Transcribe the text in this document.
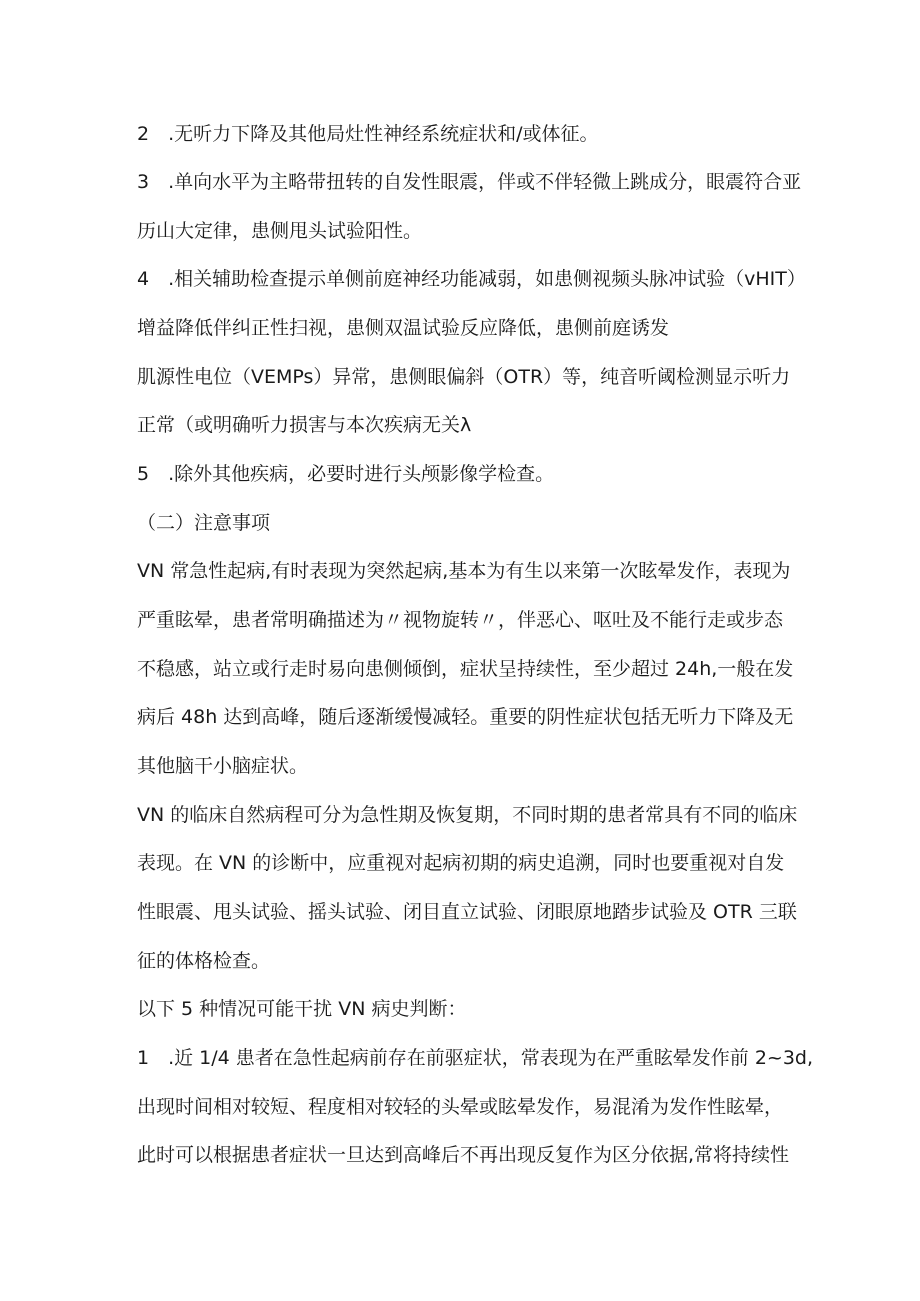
2　.无听力下降及其他局灶性神经系统症状和/或体征。
3　.单向水平为主略带扭转的自发性眼震，伴或不伴轻微上跳成分，眼震符合亚
历山大定律，患侧甩头试验阳性。
4　.相关辅助检查提示单侧前庭神经功能减弱，如患侧视频头脉冲试验（vHIT）
增益降低伴纠正性扫视，患侧双温试验反应降低，患侧前庭诱发
肌源性电位（VEMPs）异常，患侧眼偏斜（OTR）等，纯音听阈检测显示听力
正常（或明确听力损害与本次疾病无关λ
5　.除外其他疾病，必要时进行头颅影像学检查。
（二）注意事项
VN 常急性起病,有时表现为突然起病,基本为有生以来第一次眩晕发作，表现为
严重眩晕，患者常明确描述为〃视物旋转〃，伴恶心、呕吐及不能行走或步态
不稳感，站立或行走时易向患侧倾倒，症状呈持续性，至少超过 24h,一般在发
病后 48h 达到高峰，随后逐渐缓慢减轻。重要的阴性症状包括无听力下降及无
其他脑干小脑症状。
VN 的临床自然病程可分为急性期及恢复期，不同时期的患者常具有不同的临床
表现。在 VN 的诊断中，应重视对起病初期的病史追溯，同时也要重视对自发
性眼震、甩头试验、摇头试验、闭目直立试验、闭眼原地踏步试验及 OTR 三联
征的体格检查。
以下 5 种情况可能干扰 VN 病史判断：
1　.近 1/4 患者在急性起病前存在前驱症状，常表现为在严重眩晕发作前 2~3d,
出现时间相对较短、程度相对较轻的头晕或眩晕发作，易混淆为发作性眩晕，
此时可以根据患者症状一旦达到高峰后不再出现反复作为区分依据,常将持续性
